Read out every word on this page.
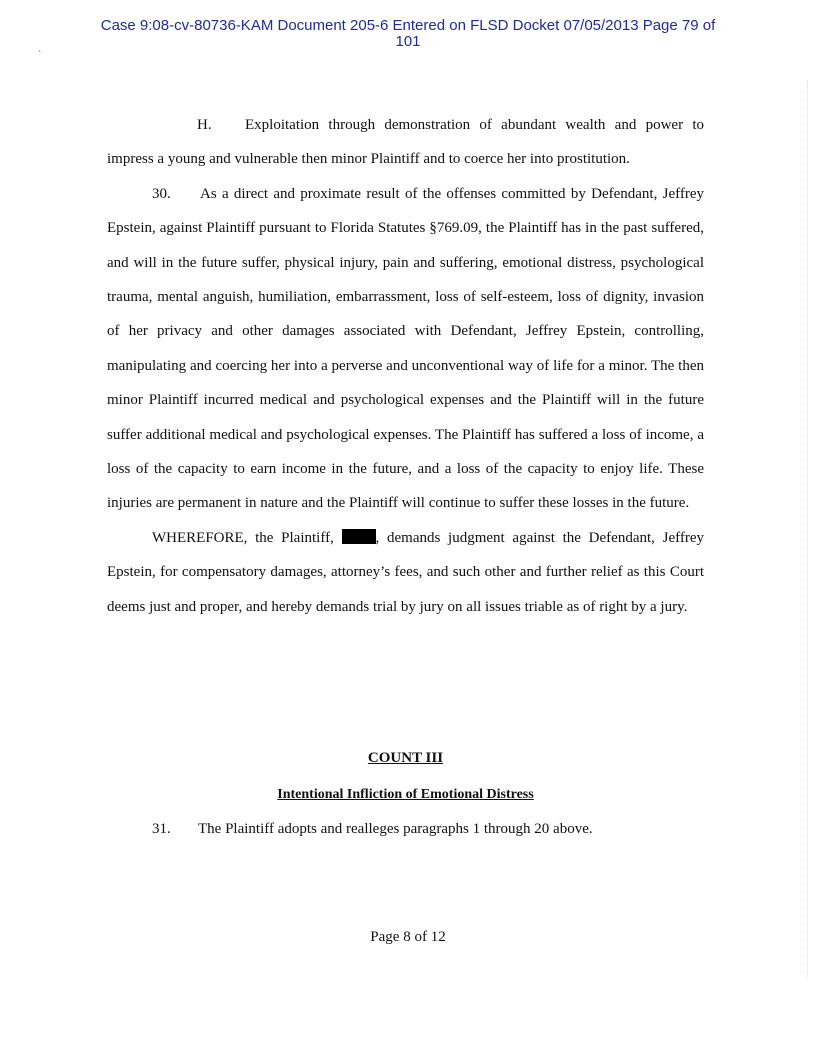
Case 9:08-cv-80736-KAM Document 205-6 Entered on FLSD Docket 07/05/2013 Page 79 of
101
`

H. Exploitation through demonstration of abundant wealth and power to impress a young and vulnerable then minor Plaintiff and to coerce her into prostitution.

30. As a direct and proximate result of the offenses committed by Defendant, Jeffrey Epstein, against Plaintiff pursuant to Florida Statutes §769.09, the Plaintiff has in the past suffered, and will in the future suffer, physical injury, pain and suffering, emotional distress, psychological trauma, mental anguish, humiliation, embarrassment, loss of self-esteem, loss of dignity, invasion of her privacy and other damages associated with Defendant, Jeffrey Epstein, controlling, manipulating and coercing her into a perverse and unconventional way of life for a minor. The then minor Plaintiff incurred medical and psychological expenses and the Plaintiff will in the future suffer additional medical and psychological expenses. The Plaintiff has suffered a loss of income, a loss of the capacity to earn income in the future, and a loss of the capacity to enjoy life. These injuries are permanent in nature and the Plaintiff will continue to suffer these losses in the future.

WHEREFORE, the Plaintiff,	, demands judgment against the Defendant, Jeffrey Epstein, for compensatory damages, attorney’s fees, and such other and further relief as this Court deems just and proper, and hereby demands trial by jury on all issues triable as of right by a jury.

COUNT III
Intentional Infliction of Emotional Distress
31. The Plaintiff adopts and realleges paragraphs 1 through 20 above.
Page 8 of 12
